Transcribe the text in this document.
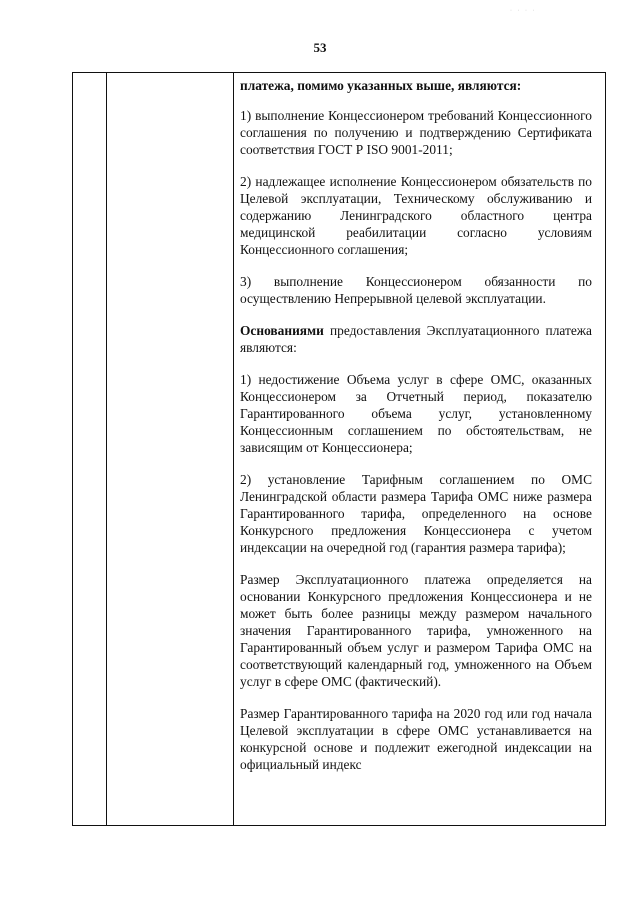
· · · ·
53

платежа, помимо указанных выше, являются:

1) выполнение Концессионером требований Концессионного соглашения по получению и подтверждению Сертификата соответствия ГОСТ Р ISO 9001-2011;

2) надлежащее исполнение Концессионером обязательств по Целевой эксплуатации, Техническому обслуживанию и содержанию Ленинградского областного центра медицинской реабилитации согласно условиям Концессионного соглашения;

3) выполнение Концессионером обязанности по осуществлению Непрерывной целевой эксплуатации.

Основаниями предоставления Эксплуатационного платежа являются:

1) недостижение Объема услуг в сфере ОМС, оказанных Концессионером за Отчетный период, показателю Гарантированного объема услуг, установленному Концессионным соглашением по обстоятельствам, не зависящим от Концессионера;

2) установление Тарифным соглашением по ОМС Ленинградской области размера Тарифа ОМС ниже размера Гарантированного тарифа, определенного на основе Конкурсного предложения Концессионера с учетом индексации на очередной год (гарантия размера тарифа);

Размер Эксплуатационного платежа определяется на основании Конкурсного предложения Концессионера и не может быть более разницы между размером начального значения Гарантированного тарифа, умноженного на Гарантированный объем услуг и размером Тарифа ОМС на соответствующий календарный год, умноженного на Объем услуг в сфере ОМС (фактический).

Размер Гарантированного тарифа на 2020 год или год начала Целевой эксплуатации в сфере ОМС устанавливается на конкурсной основе и подлежит ежегодной индексации на официальный индекс
